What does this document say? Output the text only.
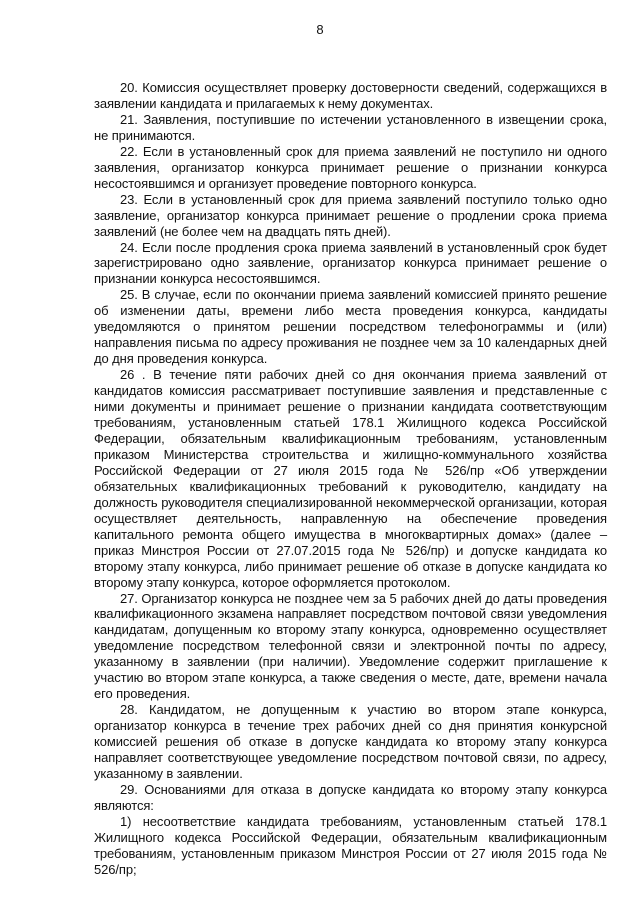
8

20. Комиссия осуществляет проверку достоверности сведений, содержащихся в заявлении кандидата и прилагаемых к нему документах.

21. Заявления, поступившие по истечении установленного в извещении срока, не принимаются.

22. Если в установленный срок для приема заявлений не поступило ни одного заявления, организатор конкурса принимает решение о признании конкурса несостоявшимся и организует проведение повторного конкурса.

23. Если в установленный срок для приема заявлений поступило только одно заявление, организатор конкурса принимает решение о продлении срока приема заявлений (не более чем на двадцать пять дней).

24. Если после продления срока приема заявлений в установленный срок будет зарегистрировано одно заявление, организатор конкурса принимает решение о признании конкурса несостоявшимся.

25. В случае, если по окончании приема заявлений комиссией принято решение об изменении даты, времени либо места проведения конкурса, кандидаты уведомляются о принятом решении посредством телефонограммы и (или) направления письма по адресу проживания не позднее чем за 10 календарных дней до дня проведения конкурса.

26 . В течение пяти рабочих дней со дня окончания приема заявлений от кандидатов комиссия рассматривает поступившие заявления и представленные с ними документы и принимает решение о признании кандидата соответствующим требованиям, установленным статьей 178.1 Жилищного кодекса Российской Федерации, обязательным квалификационным требованиям, установленным приказом Министерства строительства и жилищно-коммунального хозяйства Российской Федерации от 27 июля 2015 года № 526/пр «Об утверждении обязательных квалификационных требований к руководителю, кандидату на должность руководителя специализированной некоммерческой организации, которая осуществляет деятельность, направленную на обеспечение проведения капитального ремонта общего имущества в многоквартирных домах» (далее – приказ Минстроя России от 27.07.2015 года № 526/пр) и допуске кандидата ко второму этапу конкурса, либо принимает решение об отказе в допуске кандидата ко второму этапу конкурса, которое оформляется протоколом.

27. Организатор конкурса не позднее чем за 5 рабочих дней до даты проведения квалификационного экзамена направляет посредством почтовой связи уведомления кандидатам, допущенным ко второму этапу конкурса, одновременно осуществляет уведомление посредством телефонной связи и электронной почты по адресу, указанному в заявлении (при наличии). Уведомление содержит приглашение к участию во втором этапе конкурса, а также сведения о месте, дате, времени начала его проведения.

28. Кандидатом, не допущенным к участию во втором этапе конкурса, организатор конкурса в течение трех рабочих дней со дня принятия конкурсной комиссией решения об отказе в допуске кандидата ко второму этапу конкурса направляет соответствующее уведомление посредством почтовой связи, по адресу, указанному в заявлении.

29. Основаниями для отказа в допуске кандидата ко второму этапу конкурса являются:

1) несоответствие кандидата требованиям, установленным статьей 178.1 Жилищного кодекса Российской Федерации, обязательным квалификационным требованиям, установленным приказом Минстроя России от 27 июля 2015 года № 526/пр;
